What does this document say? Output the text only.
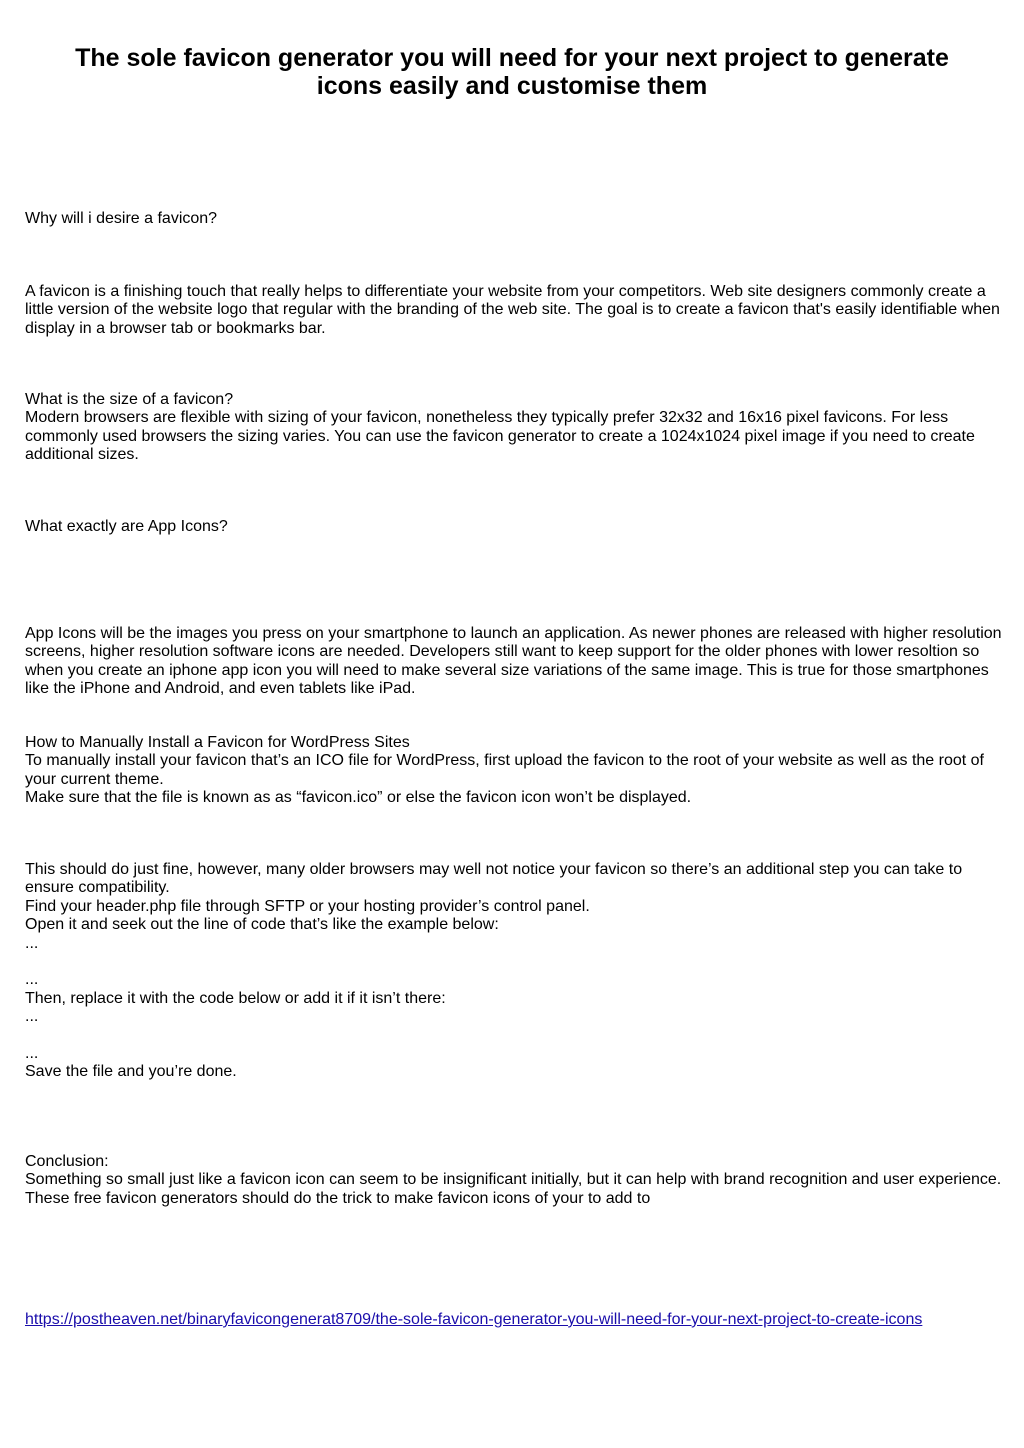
The sole favicon generator you will need for your next project to generate icons easily and customise them

Why will i desire a favicon?

A favicon is a finishing touch that really helps to differentiate your website from your competitors. Web site designers commonly create a little version of the website logo that regular with the branding of the web site. The goal is to create a favicon that's easily identifiable when display in a browser tab or bookmarks bar.

What is the size of a favicon?
Modern browsers are flexible with sizing of your favicon, nonetheless they typically prefer 32x32 and 16x16 pixel favicons. For less commonly used browsers the sizing varies. You can use the favicon generator to create a 1024x1024 pixel image if you need to create additional sizes.

What exactly are App Icons?

App Icons will be the images you press on your smartphone to launch an application. As newer phones are released with higher resolution screens, higher resolution software icons are needed. Developers still want to keep support for the older phones with lower resoltion so when you create an iphone app icon you will need to make several size variations of the same image. This is true for those smartphones like the iPhone and Android, and even tablets like iPad.

How to Manually Install a Favicon for WordPress Sites
To manually install your favicon that’s an ICO file for WordPress, first upload the favicon to the root of your website as well as the root of your current theme.
Make sure that the file is known as as “favicon.ico” or else the favicon icon won’t be displayed.

This should do just fine, however, many older browsers may well not notice your favicon so there’s an additional step you can take to ensure compatibility.
Find your header.php file through SFTP or your hosting provider’s control panel.
Open it and seek out the line of code that’s like the example below:
...

...
Then, replace it with the code below or add it if it isn’t there:
...

...
Save the file and you’re done.

Conclusion:
Something so small just like a favicon icon can seem to be insignificant initially, but it can help with brand recognition and user experience. These free favicon generators should do the trick to make favicon icons of your to add to

https://postheaven.net/binaryfavicongenerat8709/the-sole-favicon-generator-you-will-need-for-your-next-project-to-create-icons
